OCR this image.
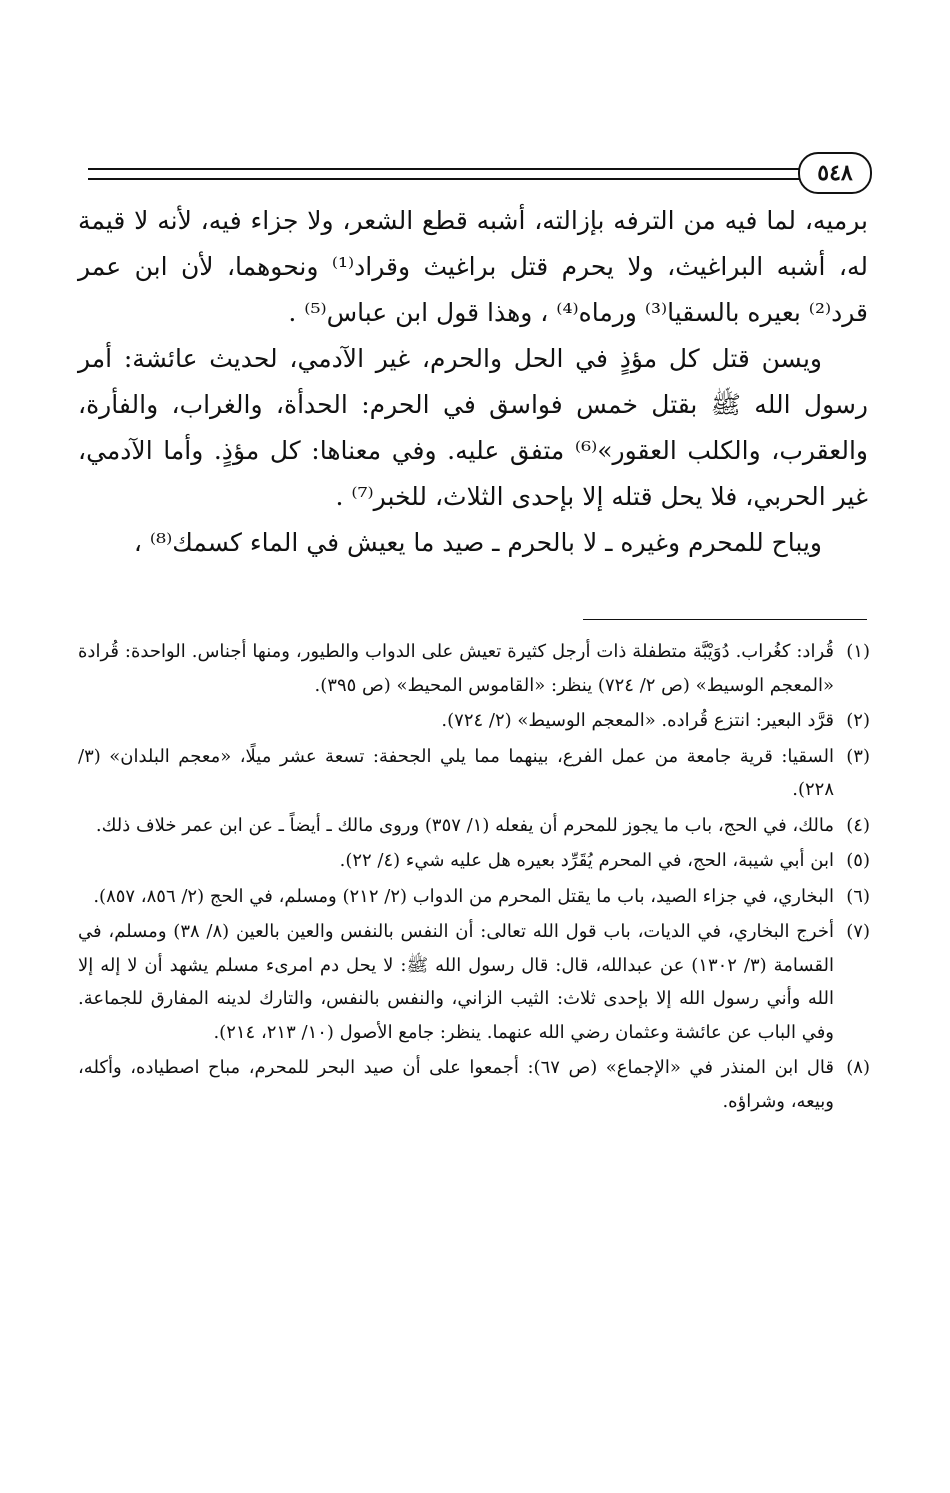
٥٤٨

برميه، لما فيه من الترفه بإزالته، أشبه قطع الشعر، ولا جزاء فيه، لأنه لا قيمة له، أشبه البراغيث، ولا يحرم قتل براغيث وقراد⁽¹⁾ ونحوهما، لأن ابن عمر قرد⁽²⁾ بعيره بالسقيا⁽³⁾ ورماه⁽⁴⁾ ، وهذا قول ابن عباس⁽⁵⁾ .

ويسن قتل كل مؤذٍ في الحل والحرم، غير الآدمي، لحديث عائشة: أمر رسول الله ﷺ بقتل خمس فواسق في الحرم: الحدأة، والغراب، والفأرة، والعقرب، والكلب العقور»⁽⁶⁾ متفق عليه. وفي معناها: كل مؤذٍ. وأما الآدمي، غير الحربي، فلا يحل قتله إلا بإحدى الثلاث، للخبر⁽⁷⁾ .

ويباح للمحرم وغيره ـ لا بالحرم ـ صيد ما يعيش في الماء كسمك⁽⁸⁾ ،

(١)
قُراد: كغُراب. دُوَيْبَّة متطفلة ذات أرجل كثيرة تعيش على الدواب والطيور، ومنها أجناس. الواحدة: قُرادة «المعجم الوسيط» (ص ٢/ ٧٢٤) ينظر: «القاموس المحيط» (ص ٣٩٥).
(٢)
قرَّد البعير: انتزع قُراده. «المعجم الوسيط» (٢/ ٧٢٤).
(٣)
السقيا: قرية جامعة من عمل الفرع، بينهما مما يلي الجحفة: تسعة عشر ميلًا، «معجم البلدان» (٣/ ٢٢٨).
(٤)
مالك، في الحج، باب ما يجوز للمحرم أن يفعله (١/ ٣٥٧) وروى مالك ـ أيضاً ـ عن ابن عمر خلاف ذلك.
(٥)
ابن أبي شيبة، الحج، في المحرم يُقَرِّد بعيره هل عليه شيء (٤/ ٢٢).
(٦)
البخاري، في جزاء الصيد، باب ما يقتل المحرم من الدواب (٢/ ٢١٢) ومسلم، في الحج (٢/ ٨٥٦، ٨٥٧).
(٧)
أخرج البخاري، في الديات، باب قول الله تعالى: أن النفس بالنفس والعين بالعين (٨/ ٣٨) ومسلم، في القسامة (٣/ ١٣٠٢) عن عبدالله، قال: قال رسول الله ﷺ: لا يحل دم امرىء مسلم يشهد أن لا إله إلا الله وأني رسول الله إلا بإحدى ثلاث: الثيب الزاني، والنفس بالنفس، والتارك لدينه المفارق للجماعة. وفي الباب عن عائشة وعثمان رضي الله عنهما. ينظر: جامع الأصول (١٠/ ٢١٣، ٢١٤).
(٨)
قال ابن المنذر في «الإجماع» (ص ٦٧): أجمعوا على أن صيد البحر للمحرم، مباح اصطياده، وأكله، وبيعه، وشراؤه.
